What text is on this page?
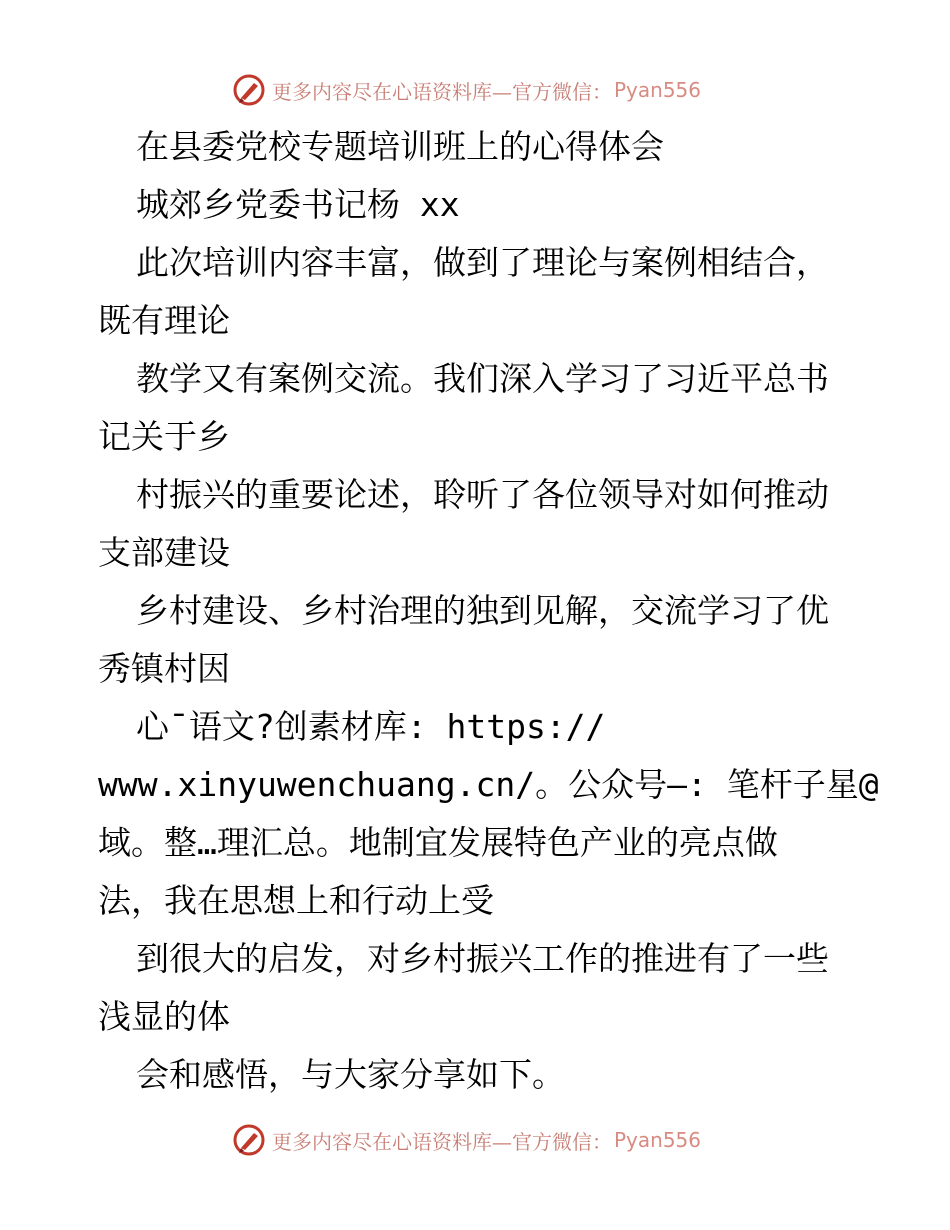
更多内容尽在心语资料库—官方微信： Pyan556
在县委党校专题培训班上的心得体会
城郊乡党委书记杨 xx
此次培训内容丰富，做到了理论与案例相结合，
既有理论
教学又有案例交流。我们深入学习了习近平总书
记关于乡
村振兴的重要论述，聆听了各位领导对如何推动
支部建设
乡村建设、乡村治理的独到见解，交流学习了优
秀镇村因
心¯语文?创素材库: https://
www.xinyuwenchuang.cn/。公众号—: 笔杆子星@
域。整…理汇总。地制宜发展特色产业的亮点做
法，我在思想上和行动上受
到很大的启发，对乡村振兴工作的推进有了一些
浅显的体
会和感悟，与大家分享如下。
更多内容尽在心语资料库—官方微信： Pyan556
